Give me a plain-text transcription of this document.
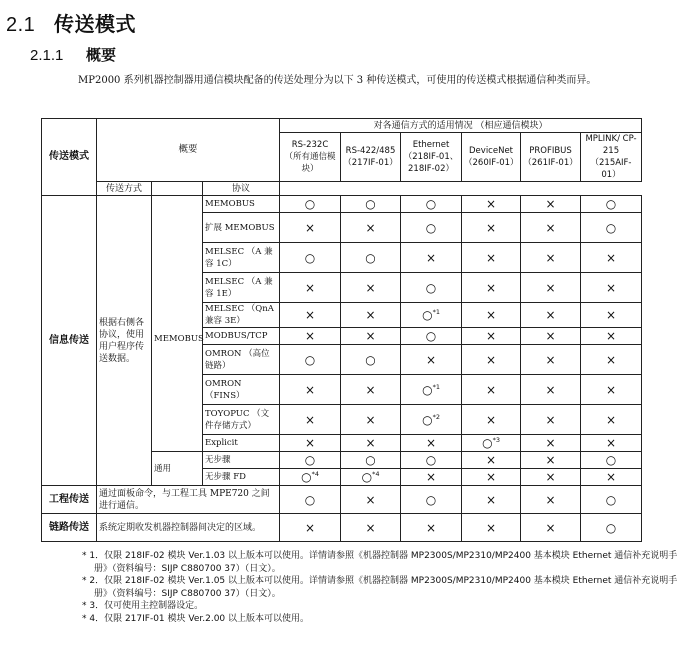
2.1 传送模式
2.1.1 概要
MP2000 系列机器控制器用通信模块配备的传送处理分为以下 3 种传送模式，可使用的传送模式根据通信种类而异。
传送模式	概要			对各通信方式的适用情况 （相应通信模块）					
				RS-232C （所有通信模块）	RS-422/485 （217IF-01）	Ethernet （218IF-01、218IF-02）	DeviceNet （260IF-01）	PROFIBUS （261IF-01）	MPLINK/ CP-215 （215AIF-01）
	传送方式		协议						
信息传送	根据右侧各协议，使用用户程序传送数据。	MEMOBUS	MEMOBUS	○	○	○	×	×	○
			扩展 MEMOBUS	×	×	○	×	×	○
			MELSEC （A 兼容 1C）	○	○	×	×	×	×
			MELSEC （A 兼容 1E）	×	×	○	×	×	×
			MELSEC （QnA 兼容 3E）	×	×	○$^{*1}$	×	×	×
			MODBUS/TCP	×	×	○	×	×	×
			OMRON （高位链路）	○	○	×	×	×	×
			OMRON （FINS）	×	×	○$^{*1}$	×	×	×
			TOYOPUC （文件存储方式）	×	×	○$^{*2}$	×	×	×
			Explicit	×	×	×	○$^{*3}$	×	×
		通用	无步骤	○	○	○	×	×	○
			无步骤 FD	○$^{*4}$	○$^{*4}$	×	×	×	×
工程传送	通过面板命令，与工程工具 MPE720 之间进行通信。			○	×	○	×	×	○
链路传送	系统定期收发机器控制器间决定的区域。			×	×	×	×	×	○
* 1．仅限 218IF-02 模块 Ver.1.03 以上版本可以使用。详情请参照《机器控制器 MP2300S/MP2310/MP2400 基本模块 Ethernet 通信补充说明手册》（资料编号：SIJP C880700 37）（日文）。
* 2．仅限 218IF-02 模块 Ver.1.05 以上版本可以使用。详情请参照《机器控制器 MP2300S/MP2310/MP2400 基本模块 Ethernet 通信补充说明手册》（资料编号：SIJP C880700 37）（日文）。
* 3．仅可使用主控制器设定。
* 4．仅限 217IF-01 模块 Ver.2.00 以上版本可以使用。
